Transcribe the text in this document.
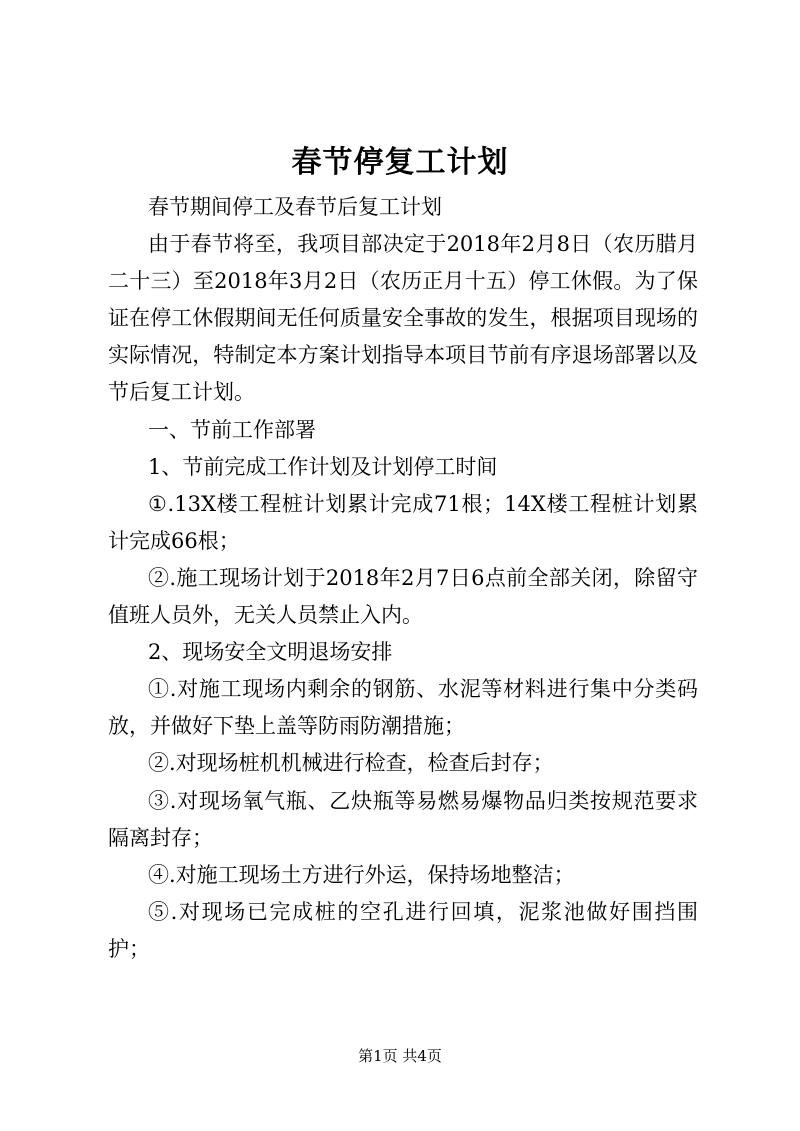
春节停复工计划

春节期间停工及春节后复工计划

由于春节将至，我项目部决定于2018年2月8日（农历腊月二十三）至2018年3月2日（农历正月十五）停工休假。为了保证在停工休假期间无任何质量安全事故的发生，根据项目现场的实际情况，特制定本方案计划指导本项目节前有序退场部署以及节后复工计划。

一、节前工作部署

1、节前完成工作计划及计划停工时间

①.13X楼工程桩计划累计完成71根；14X楼工程桩计划累计完成66根；

②.施工现场计划于2018年2月7日6点前全部关闭，除留守值班人员外，无关人员禁止入内。

2、现场安全文明退场安排

①.对施工现场内剩余的钢筋、水泥等材料进行集中分类码放，并做好下垫上盖等防雨防潮措施；

②.对现场桩机机械进行检查，检查后封存；

③.对现场氧气瓶、乙炔瓶等易燃易爆物品归类按规范要求隔离封存；

④.对施工现场土方进行外运，保持场地整洁；

⑤.对现场已完成桩的空孔进行回填，泥浆池做好围挡围护；

第1页 共4页
